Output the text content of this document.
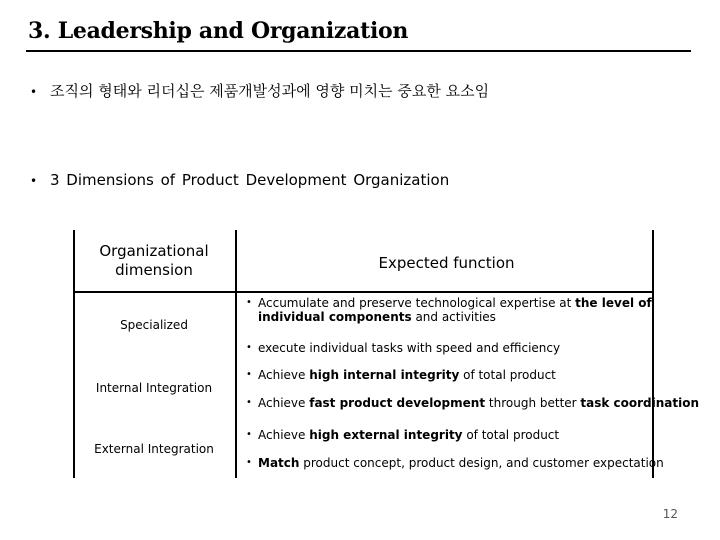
3. Leadership and Organization
• 조직의 형태와 리더십은 제품개발성과에 영향 미치는 중요한 요소임
• 3 Dimensions of Product Development Organization
Organizational
dimension	Expected function
Specialized
• Accumulate and preserve technological expertise at the level of
individual components and activities
• execute individual tasks with speed and efficiency
Internal Integration
• Achieve high internal integrity of total product
• Achieve fast product development through better task coordination
External Integration
• Achieve high external integrity of total product
• Match product concept, product design, and customer expectation
12
